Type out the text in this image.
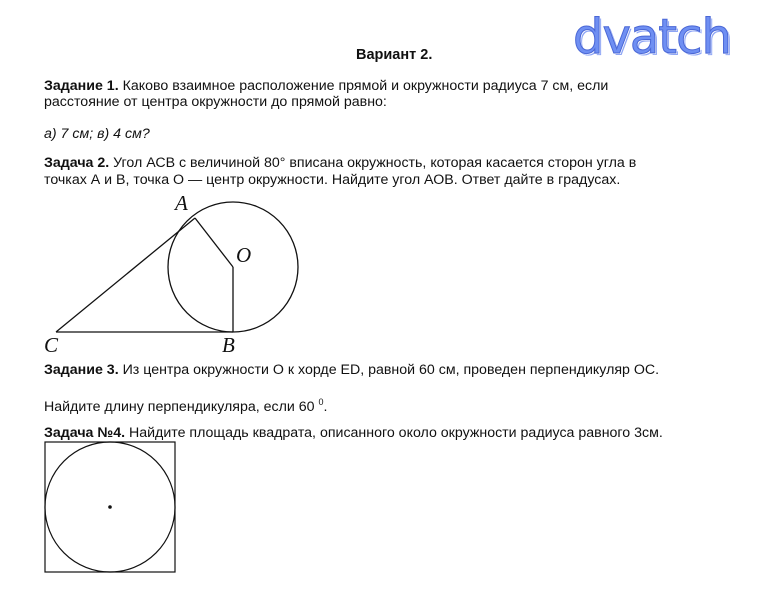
dvatch
Вариант 2.
Задание 1. Каково взаимное расположение прямой и окружности радиуса 7 см, если
расстояние от центра окружности до прямой равно:
а) 7 см; в) 4 см?
Задача 2. Угол АСВ с величиной 80° вписана окружность, которая касается сторон угла в
точках А и В, точка О — центр окружности. Найдите угол АОВ. Ответ дайте в градусах.
A
O
C	B
Задание 3. Из центра окружности О к хорде ED, равной 60 см, проведен перпендикуляр ОС.
Найдите длину перпендикуляра, если 60 $^0$.
Задача №4. Найдите площадь квадрата, описанного около окружности радиуса равного 3см.
